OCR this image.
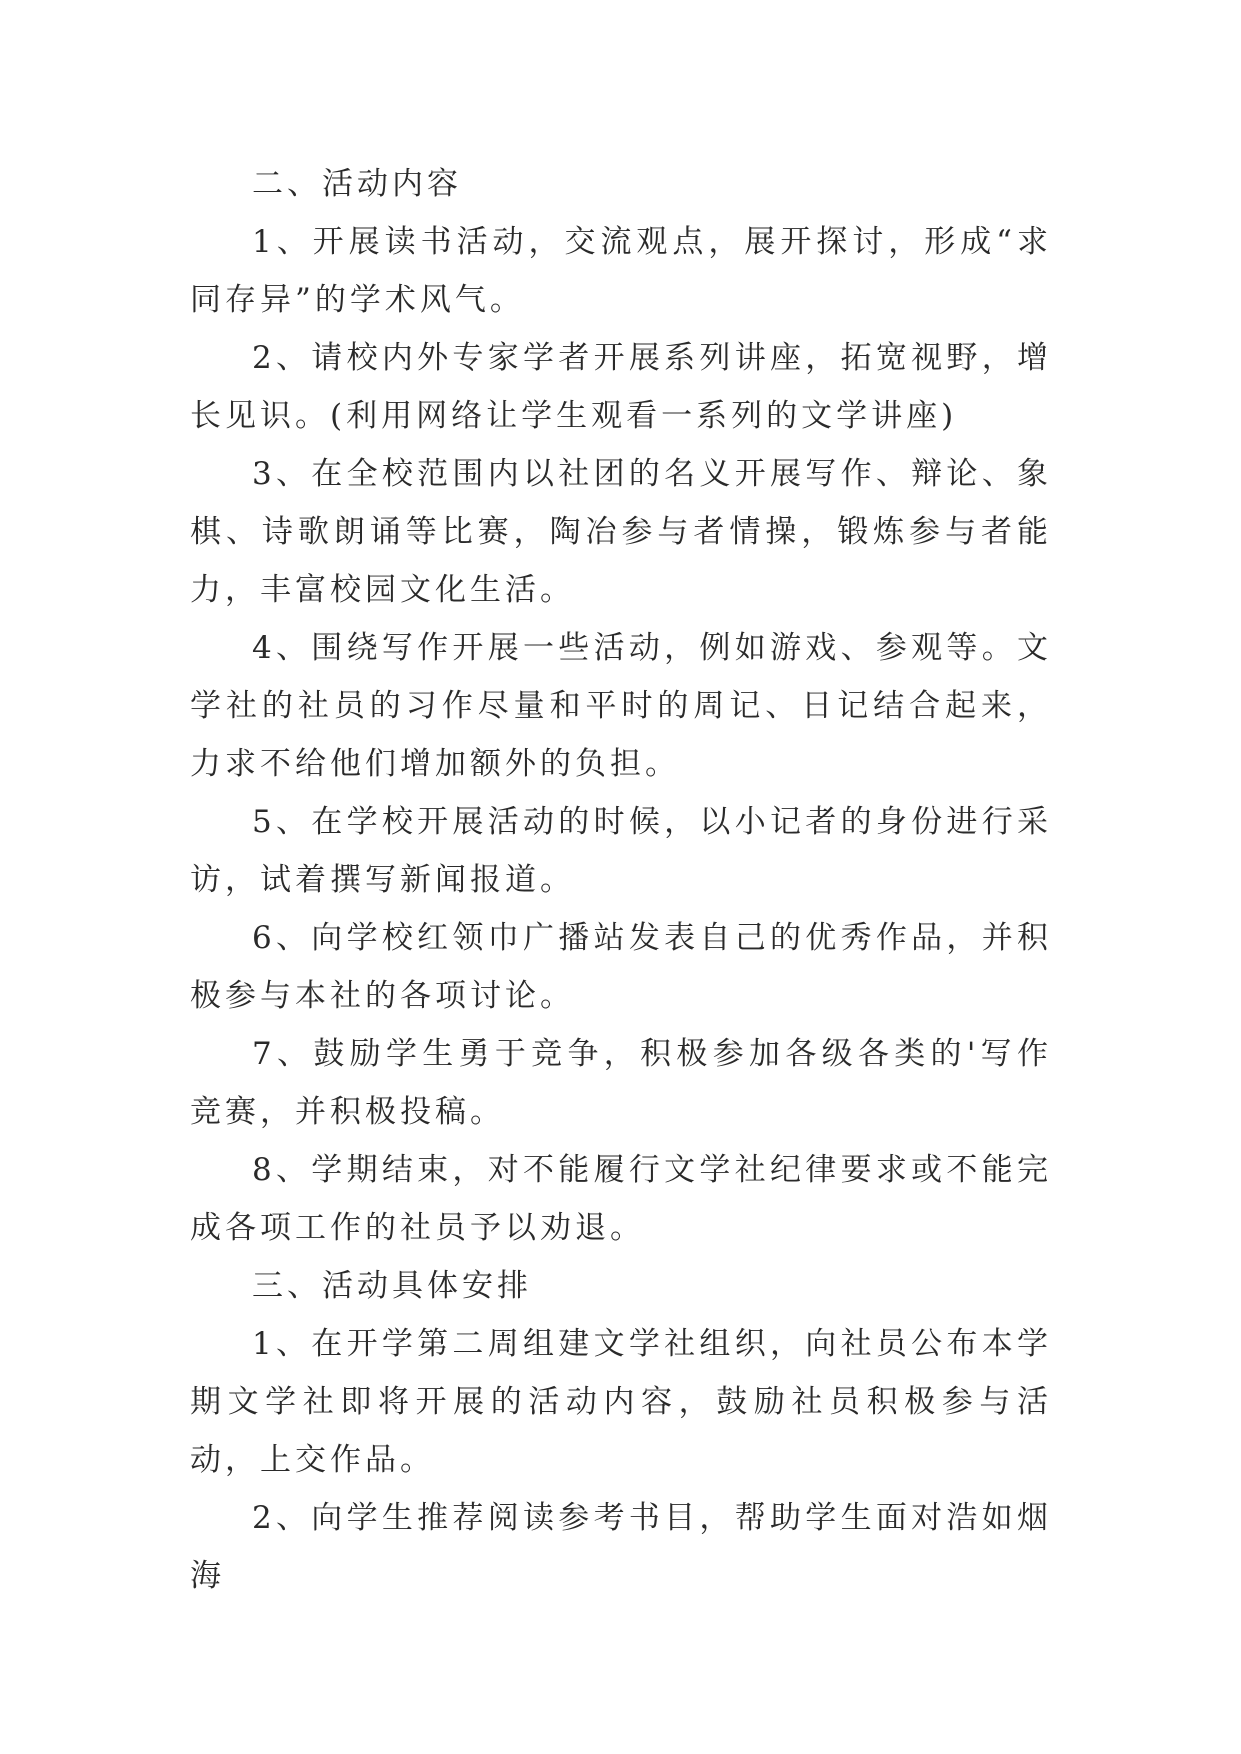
二、活动内容

1、开展读书活动，交流观点，展开探讨，形成“求同存异”的学术风气。

2、请校内外专家学者开展系列讲座，拓宽视野，增长见识。(利用网络让学生观看一系列的文学讲座)

3、在全校范围内以社团的名义开展写作、辩论、象棋、诗歌朗诵等比赛，陶冶参与者情操，锻炼参与者能力，丰富校园文化生活。

4、围绕写作开展一些活动，例如游戏、参观等。文学社的社员的习作尽量和平时的周记、日记结合起来，力求不给他们增加额外的负担。

5、在学校开展活动的时候，以小记者的身份进行采访，试着撰写新闻报道。

6、向学校红领巾广播站发表自己的优秀作品，并积极参与本社的各项讨论。

7、鼓励学生勇于竞争，积极参加各级各类的'写作竞赛，并积极投稿。

8、学期结束，对不能履行文学社纪律要求或不能完成各项工作的社员予以劝退。

三、活动具体安排

1、在开学第二周组建文学社组织，向社员公布本学期文学社即将开展的活动内容，鼓励社员积极参与活动，上交作品。

2、向学生推荐阅读参考书目，帮助学生面对浩如烟海
